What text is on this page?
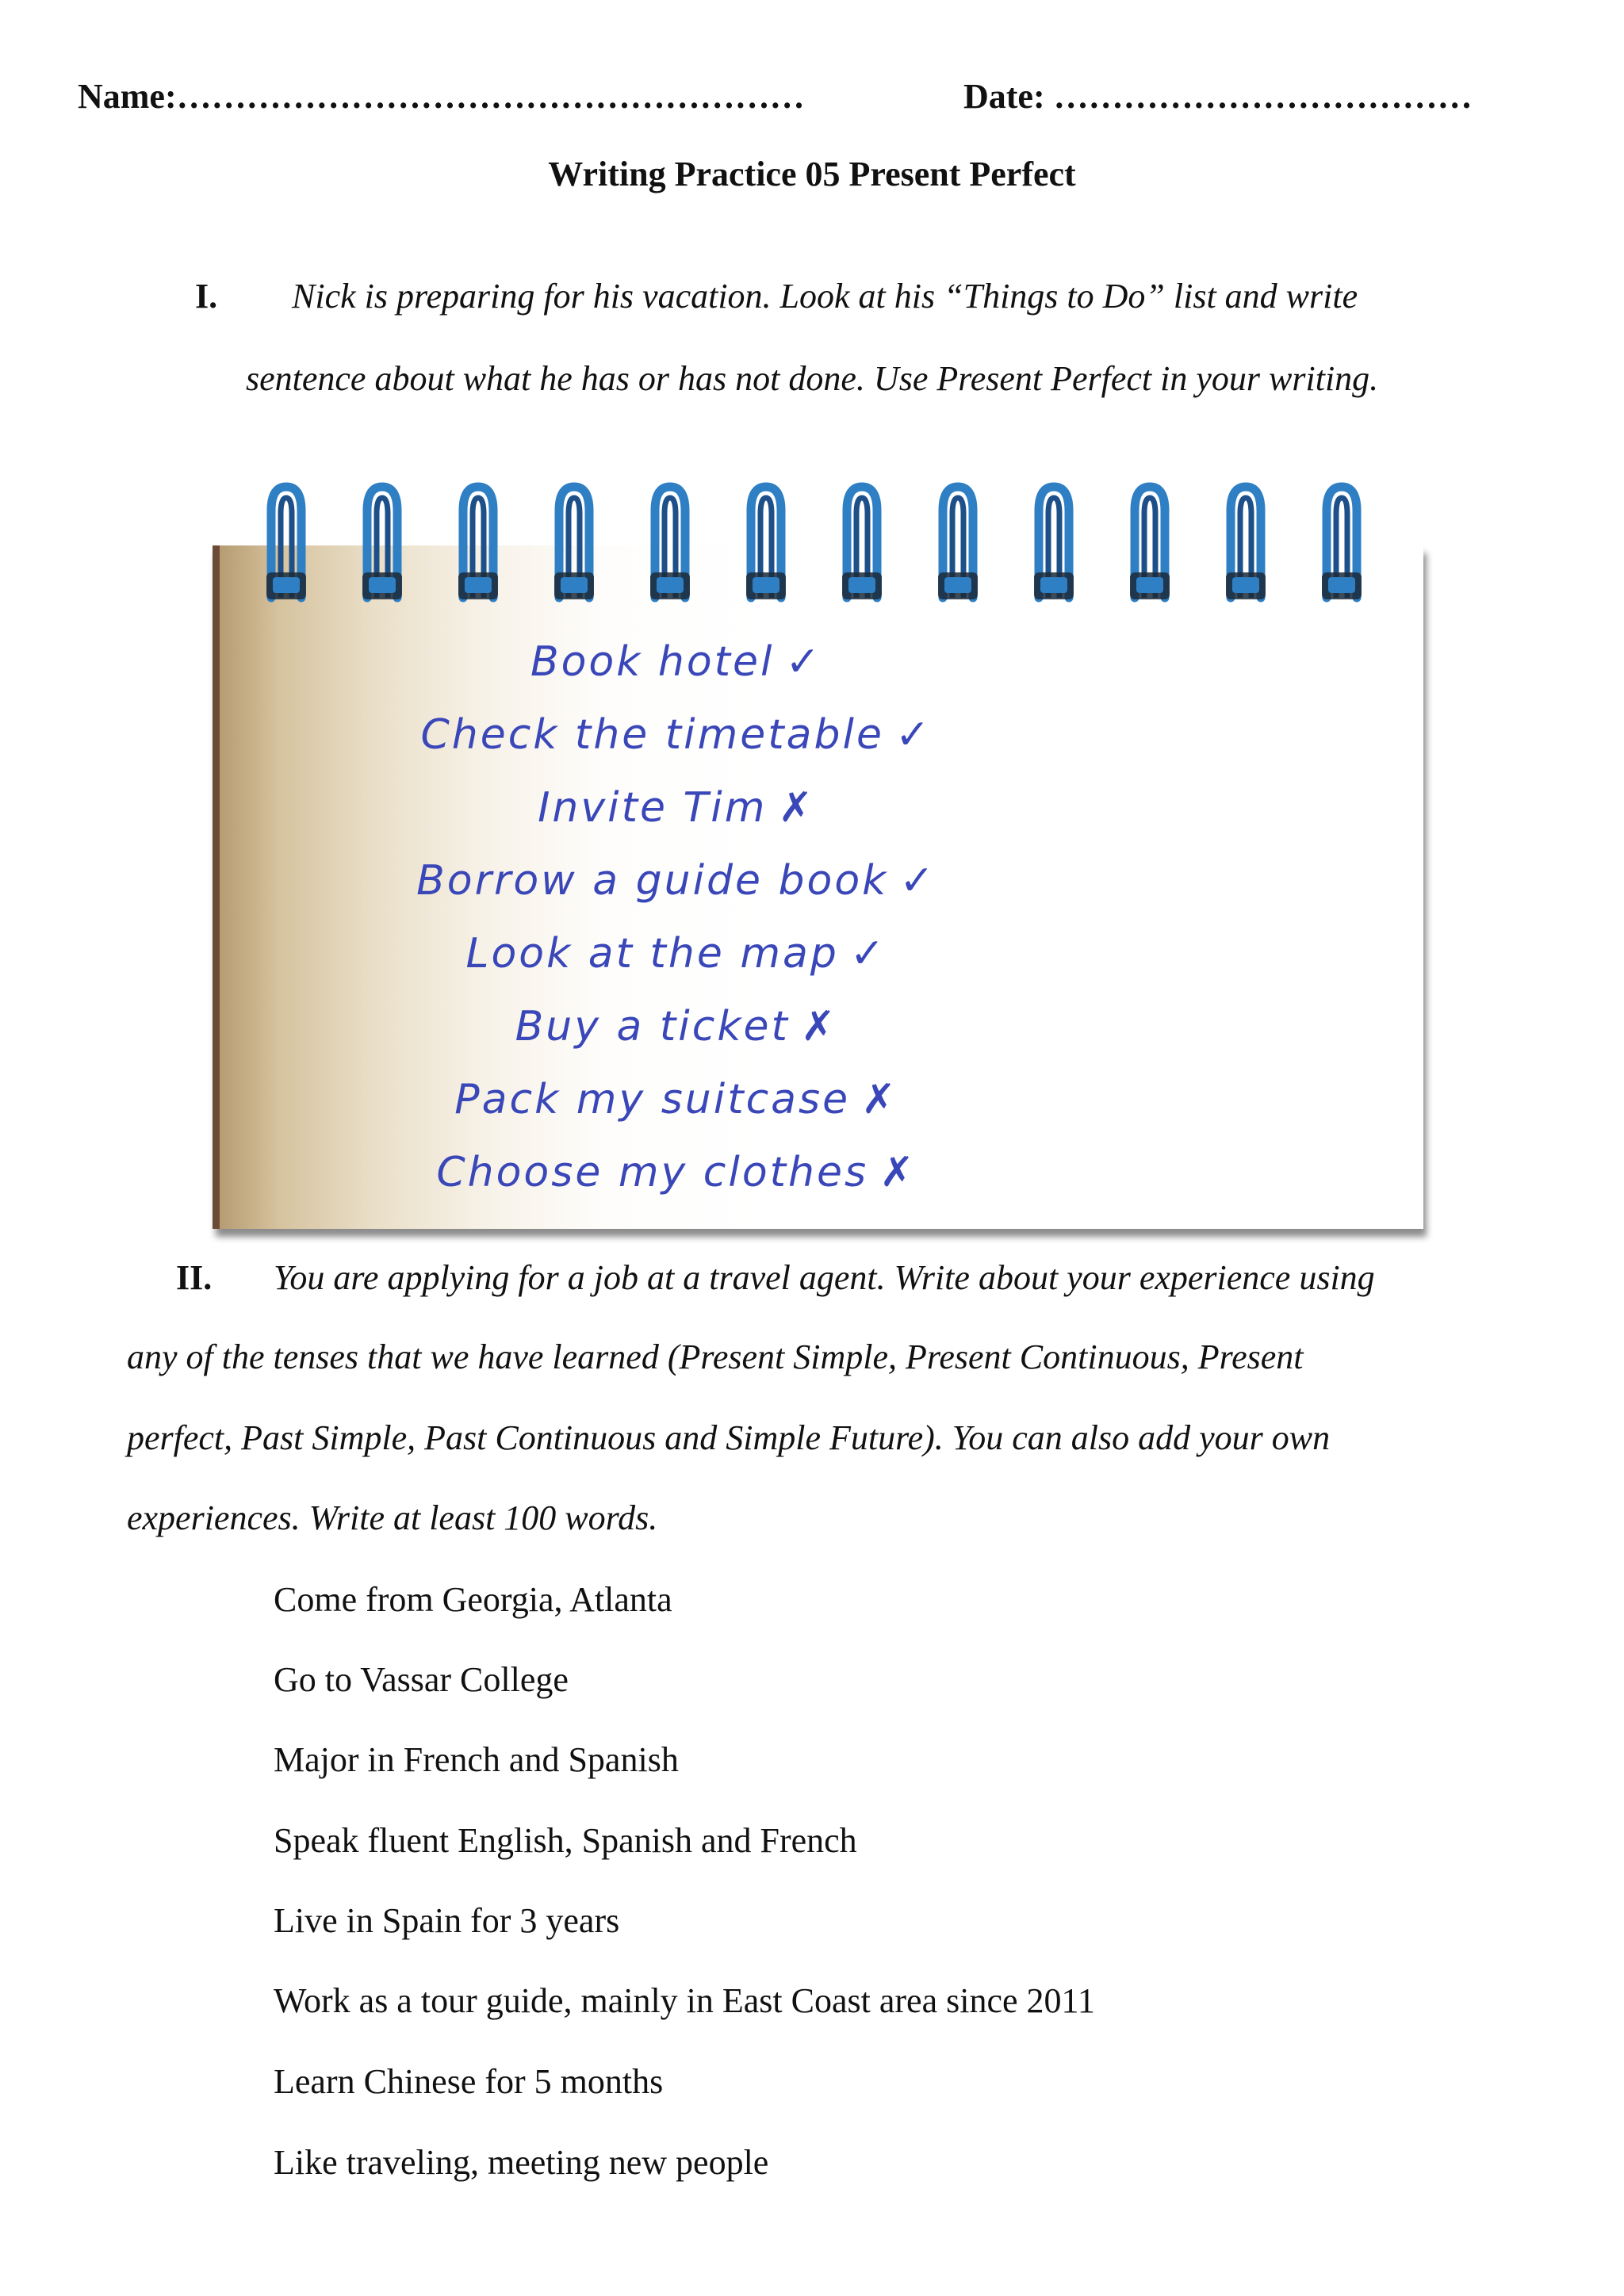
Name:………………………………………………	Date: ………………………………
Writing Practice 05 Present Perfect
I. Nick is preparing for his vacation. Look at his “Things to Do” list and write
sentence about what he has or has not done. Use Present Perfect in your writing.
Book hotel ✓
Check the timetable ✓
Invite Tim ✗
Borrow a guide book ✓
Look at the map ✓
Buy a ticket ✗
Pack my suitcase ✗
Choose my clothes ✗
II. You are applying for a job at a travel agent. Write about your experience using
any of the tenses that we have learned (Present Simple, Present Continuous, Present
perfect, Past Simple, Past Continuous and Simple Future). You can also add your own
experiences. Write at least 100 words.
Come from Georgia, Atlanta
Go to Vassar College
Major in French and Spanish
Speak fluent English, Spanish and French
Live in Spain for 3 years
Work as a tour guide, mainly in East Coast area since 2011
Learn Chinese for 5 months
Like traveling, meeting new people
